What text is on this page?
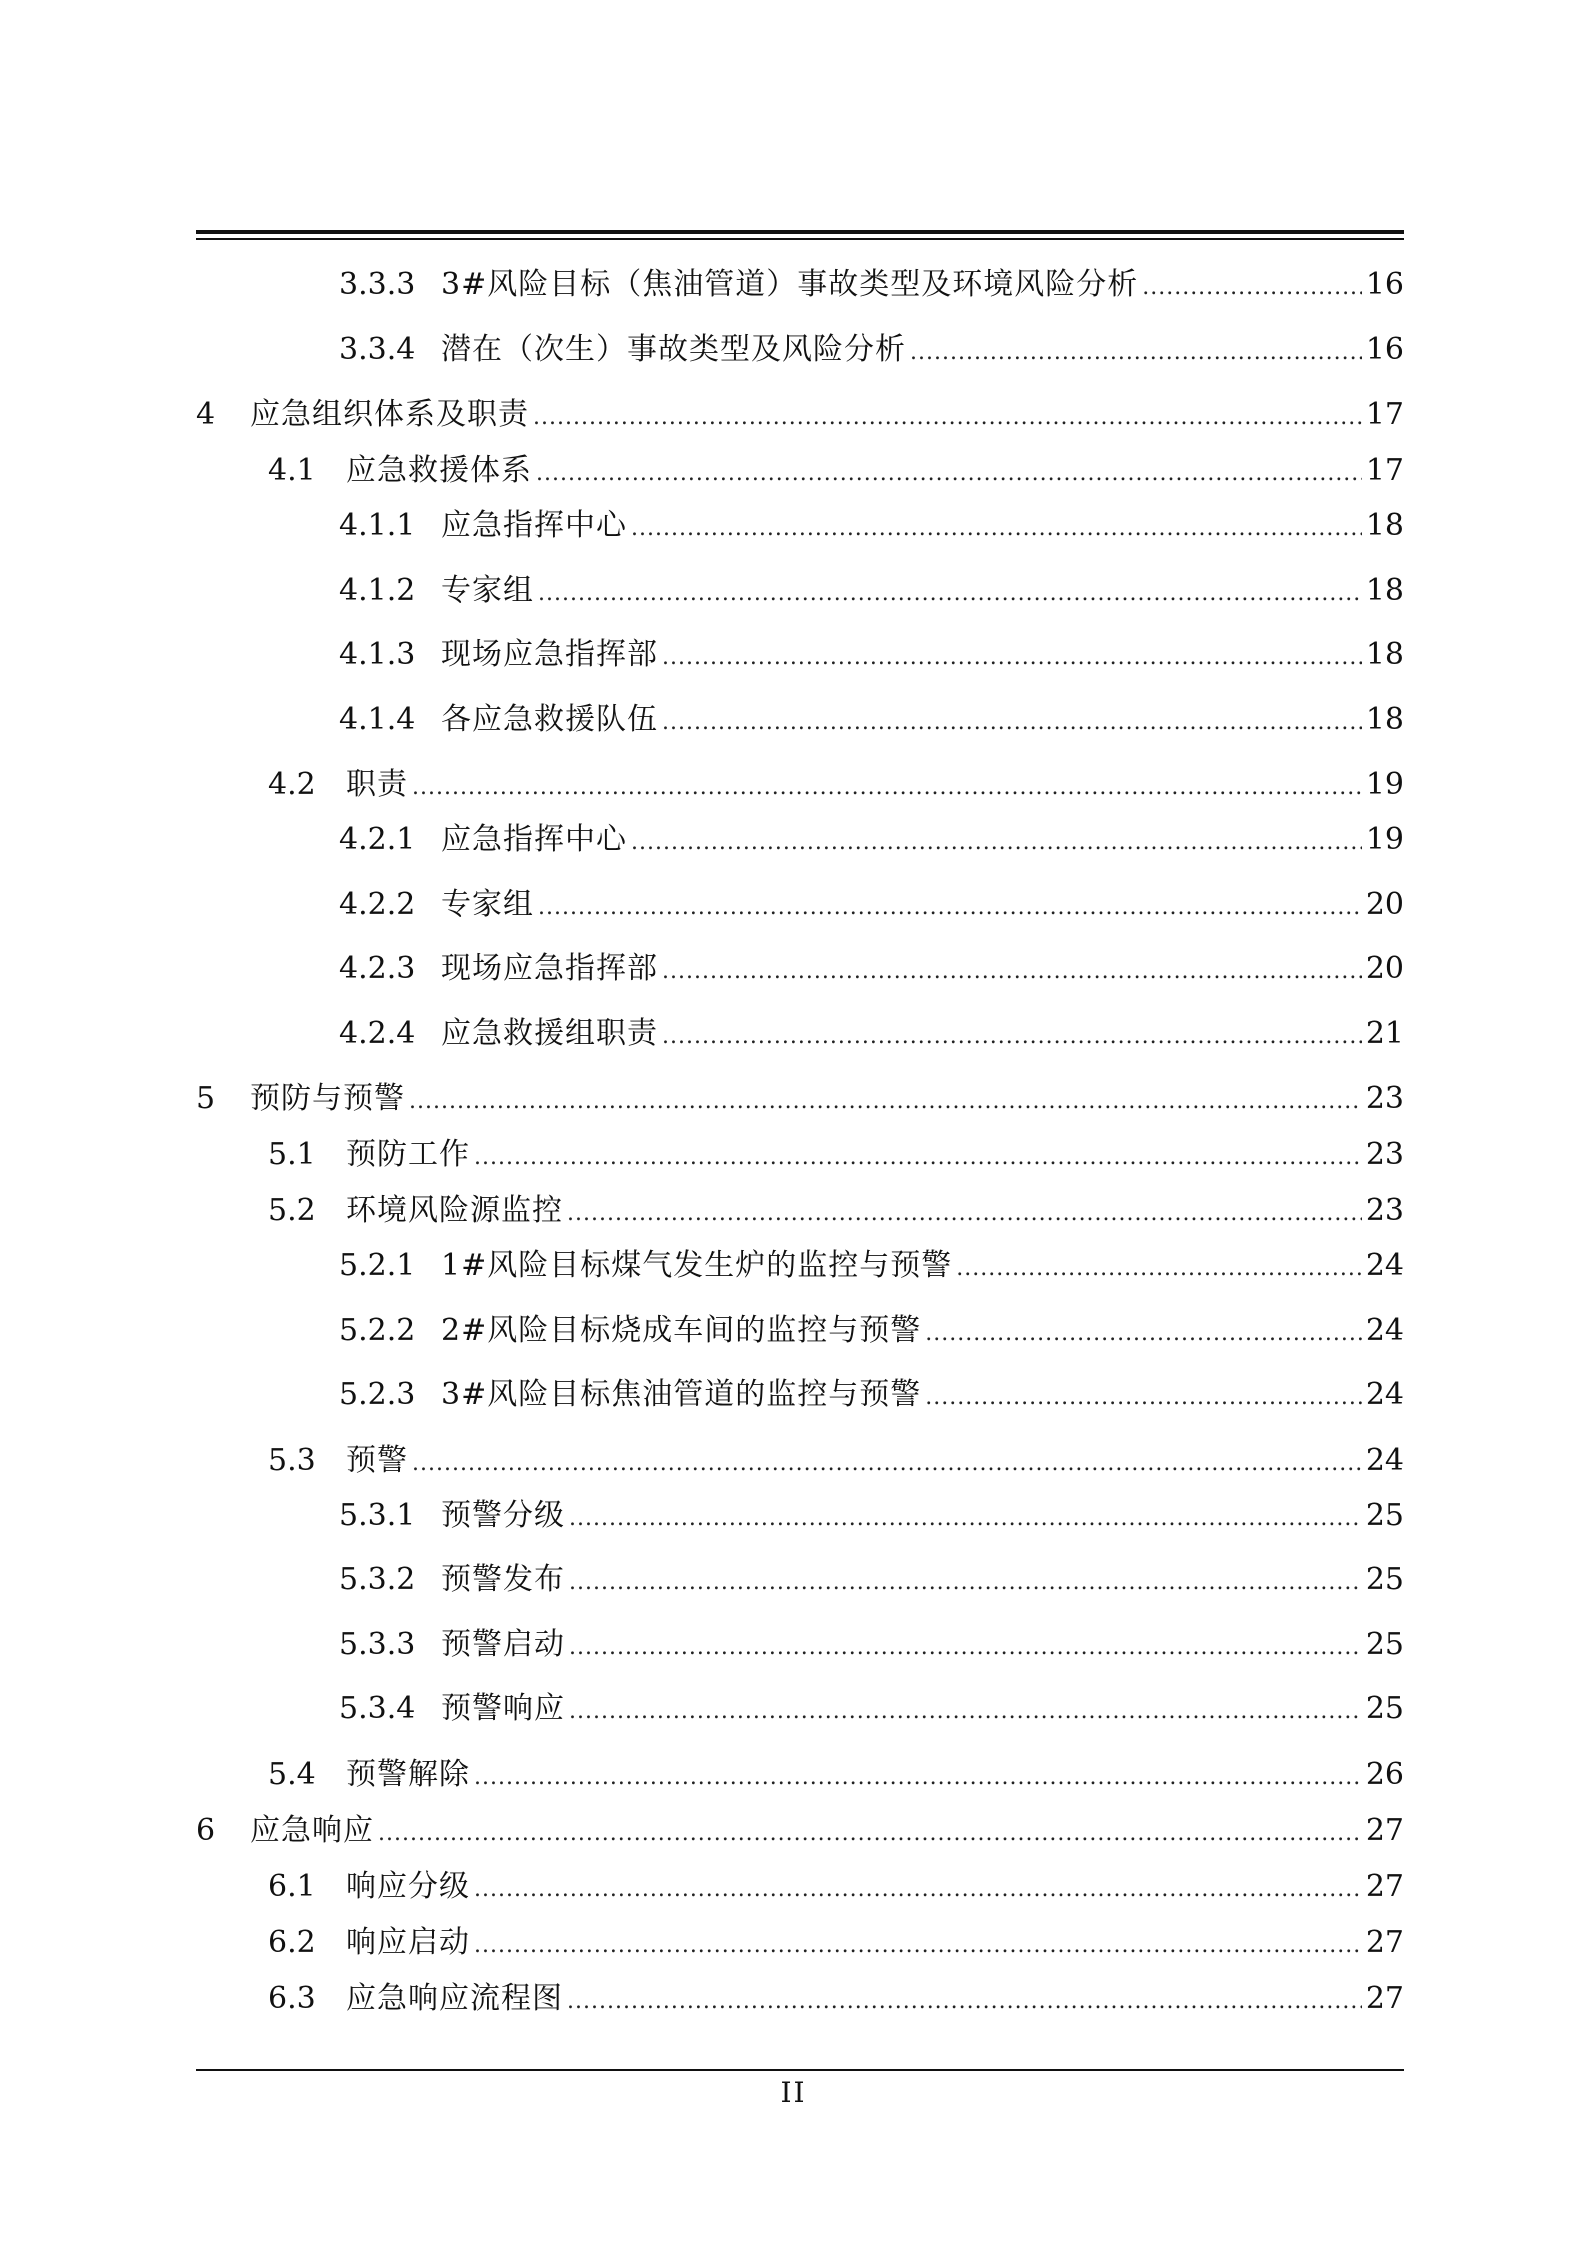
3.3.3 3#风险目标（焦油管道）事故类型及环境风险分析 .....	16
3.3.4 潜在（次生）事故类型及风险分析 .....	16
4	应急组织体系及职责 .....	17
4.1	应急救援体系 .....	17
4.1.1 应急指挥中心 .....	18
4.1.2 专家组 .....	18
4.1.3 现场应急指挥部 .....	18
4.1.4 各应急救援队伍 .....	18
4.2	职责 .....	19
4.2.1 应急指挥中心 .....	19
4.2.2 专家组 .....	20
4.2.3 现场应急指挥部 .....	20
4.2.4 应急救援组职责 .....	21
5	预防与预警 .....	23
5.1	预防工作 .....	23
5.2	环境风险源监控 .....	23
5.2.1 1#风险目标煤气发生炉的监控与预警 .....	24
5.2.2 2#风险目标烧成车间的监控与预警 .....	24
5.2.3 3#风险目标焦油管道的监控与预警 .....	24
5.3	预警 .....	24
5.3.1 预警分级 .....	25
5.3.2 预警发布 .....	25
5.3.3 预警启动 .....	25
5.3.4 预警响应 .....	25
5.4	预警解除 .....	26
6	应急响应 .....	27
6.1	响应分级 .....	27
6.2	响应启动 .....	27
6.3	应急响应流程图 .....	27
II
